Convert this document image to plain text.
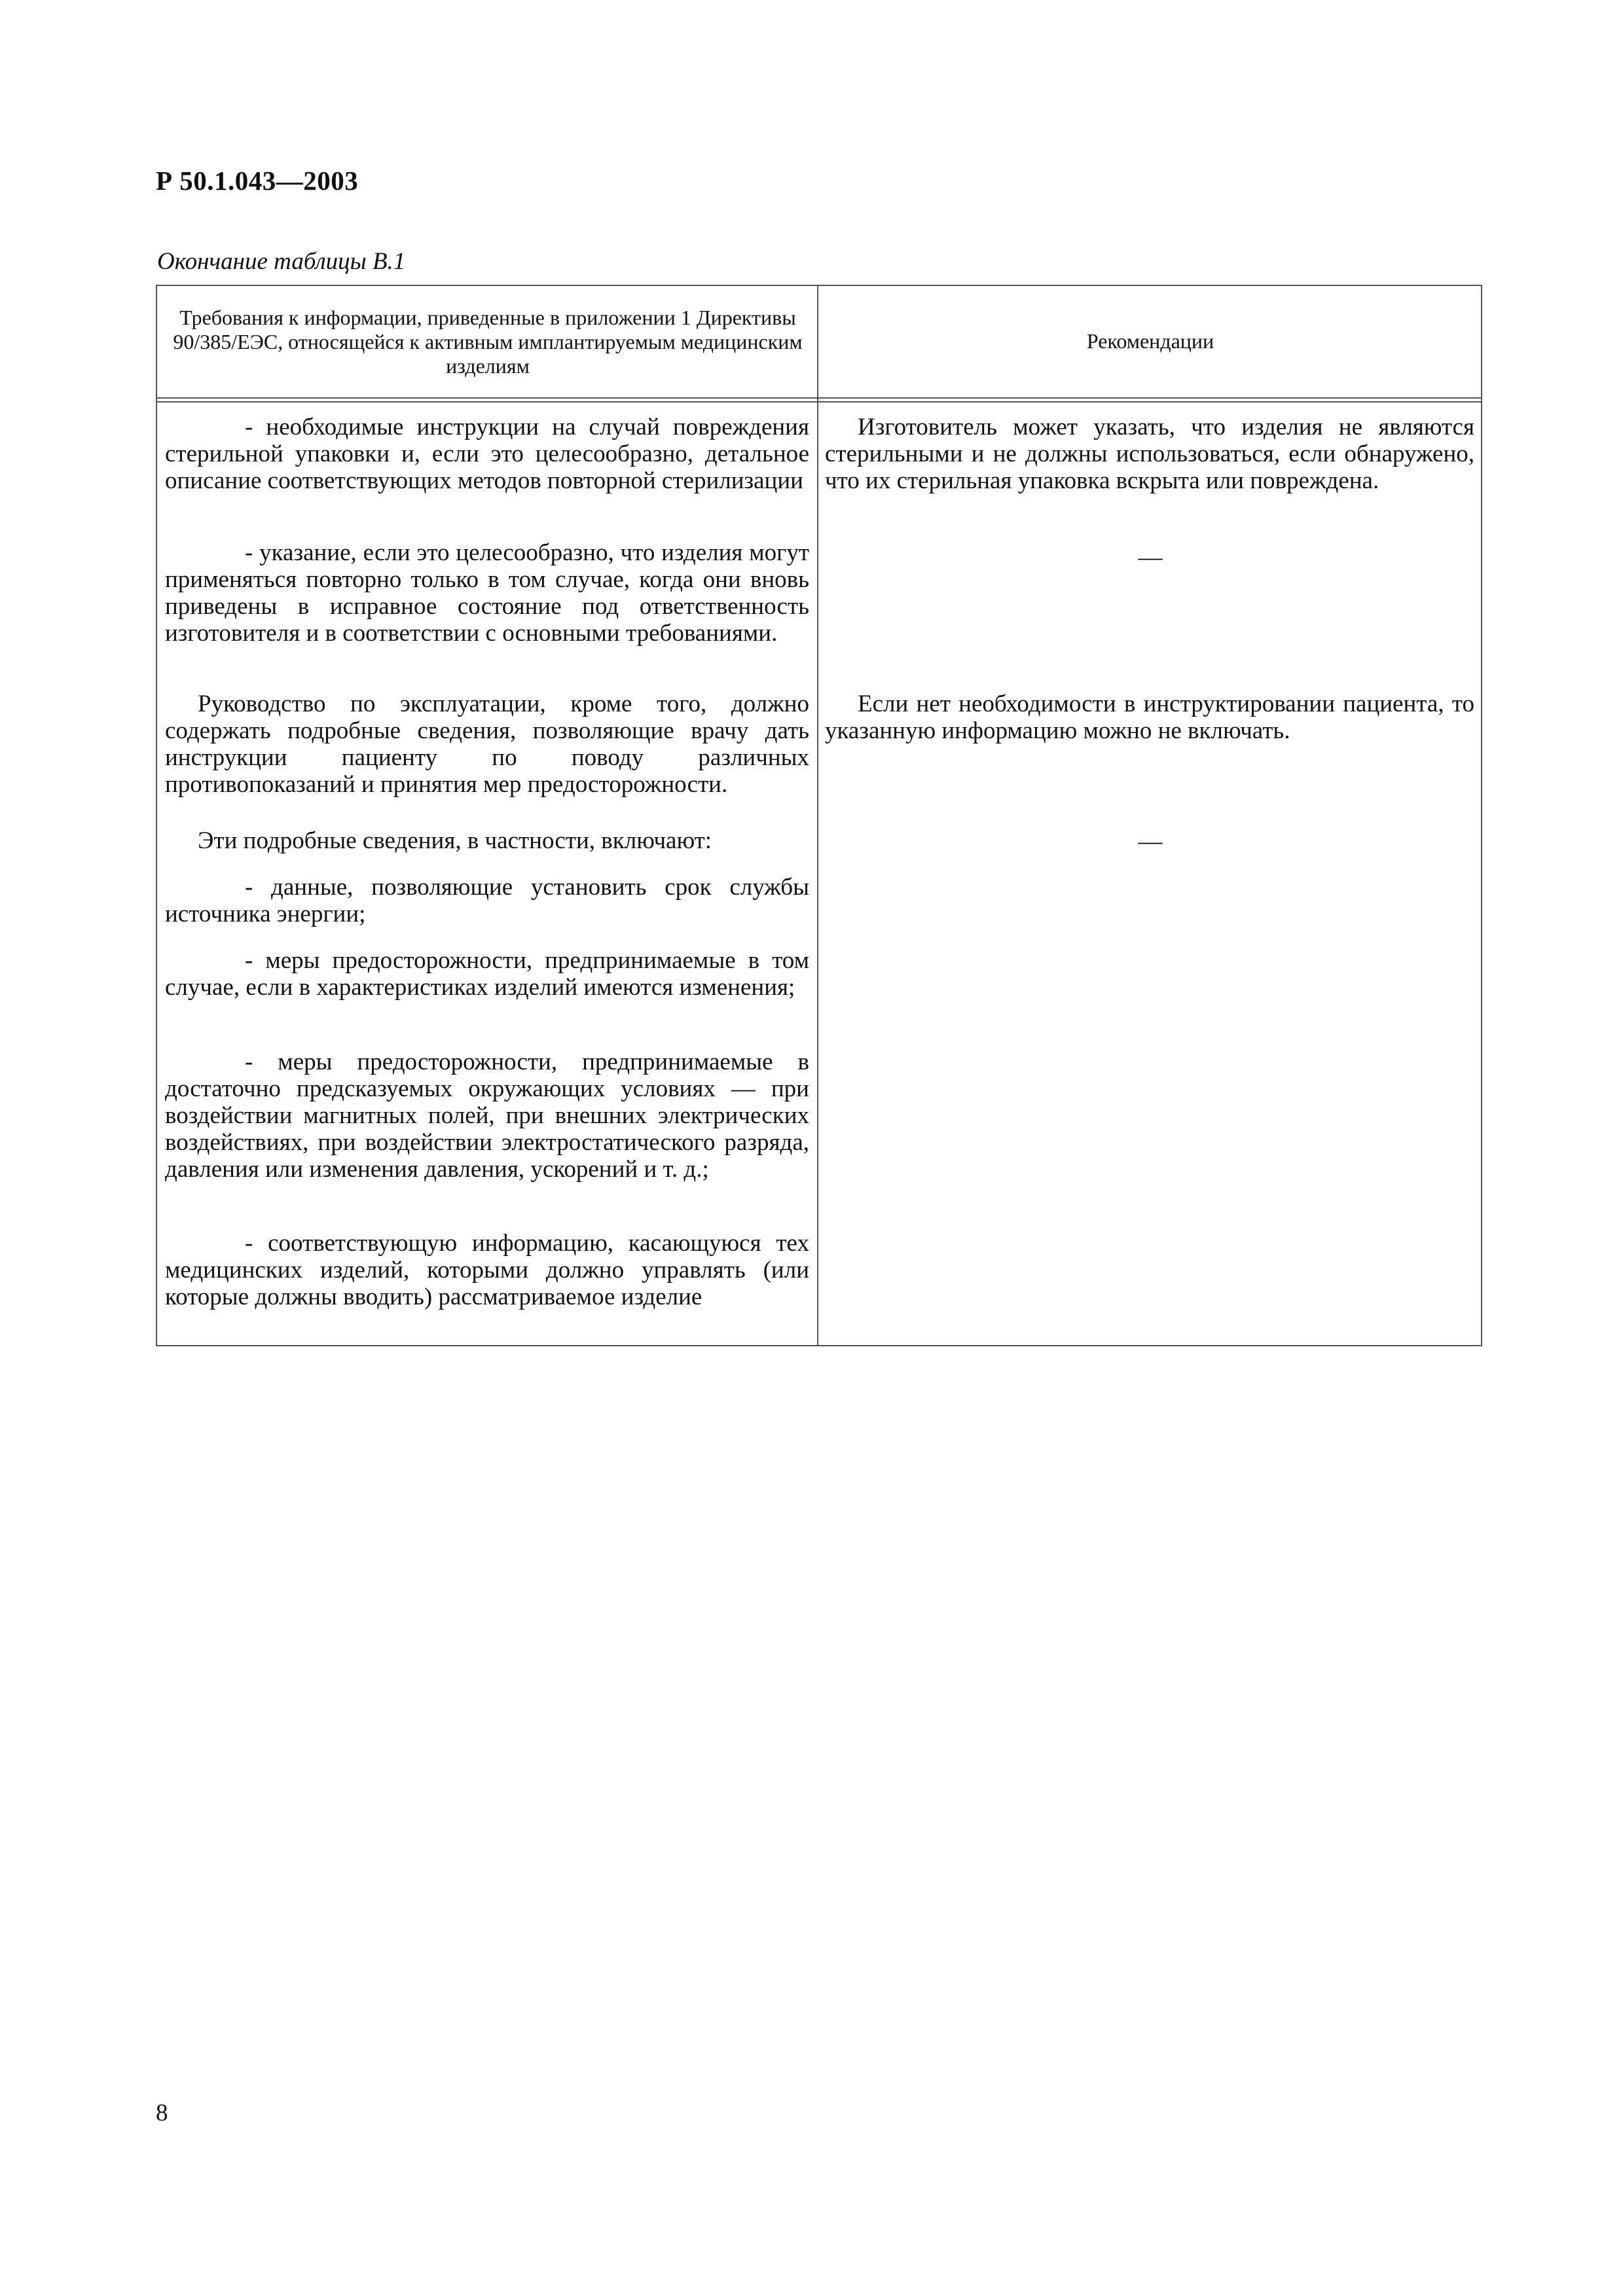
Р 50.1.043—2003
Окончание таблицы В.1
Требования к информации, приведенные в приложении 1 Директивы 90/385/ЕЭС, относящейся к активным имплантируемым медицинским изделиям
Рекомендации
- необходимые инструкции на случай повреждения стерильной упаковки и, если это целесообразно, детальное описание соответствующих методов повторной стерилизации
- указание, если это целесообразно, что изделия могут применяться повторно только в том случае, когда они вновь приведены в исправное состояние под ответственность изготовителя и в соответствии с основными требованиями.
Руководство по эксплуатации, кроме того, должно содержать подробные сведения, позволяющие врачу дать инструкции пациенту по поводу различных противопоказаний и принятия мер предосторожности.
Эти подробные сведения, в частности, включают:
- данные, позволяющие установить срок службы источника энергии;
- меры предосторожности, предпринимаемые в том случае, если в характеристиках изделий имеются изменения;
- меры предосторожности, предпринимаемые в достаточно предсказуемых окружающих условиях — при воздействии магнитных полей, при внешних электрических воздействиях, при воздействии электростатического разряда, давления или изменения давления, ускорений и т. д.;
- соответствующую информацию, касающуюся тех медицинских изделий, которыми должно управлять (или которые должны вводить) рассматриваемое изделие
Изготовитель может указать, что изделия не являются стерильными и не должны использоваться, если обнаружено, что их стерильная упаковка вскрыта или повреждена.
—
Если нет необходимости в инструктировании пациента, то указанную информацию можно не включать.
—
8
